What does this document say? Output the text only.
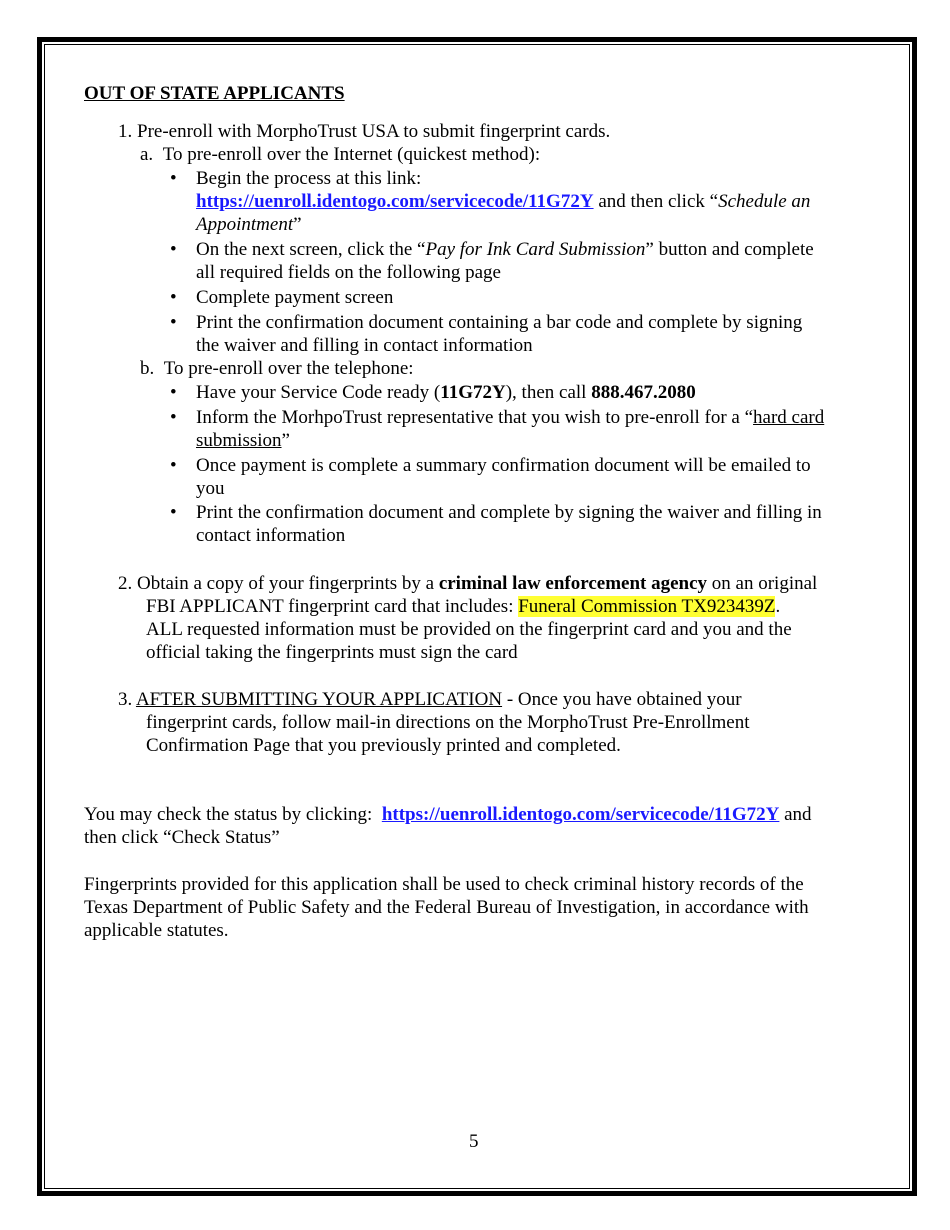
OUT OF STATE APPLICANTS
1. Pre-enroll with MorphoTrust USA to submit fingerprint cards.
a. To pre-enroll over the Internet (quickest method):
• Begin the process at this link:
https://uenroll.identogo.com/servicecode/11G72Y and then click “Schedule an
Appointment”
• On the next screen, click the “Pay for Ink Card Submission” button and complete
all required fields on the following page
• Complete payment screen
• Print the confirmation document containing a bar code and complete by signing
the waiver and filling in contact information
b. To pre-enroll over the telephone:
• Have your Service Code ready (11G72Y), then call 888.467.2080
• Inform the MorhpoTrust representative that you wish to pre-enroll for a “hard card
submission”
• Once payment is complete a summary confirmation document will be emailed to
you
• Print the confirmation document and complete by signing the waiver and filling in
contact information
2. Obtain a copy of your fingerprints by a criminal law enforcement agency on an original
FBI APPLICANT fingerprint card that includes: Funeral Commission TX923439Z.
ALL requested information must be provided on the fingerprint card and you and the
official taking the fingerprints must sign the card
3. AFTER SUBMITTING YOUR APPLICATION - Once you have obtained your
fingerprint cards, follow mail-in directions on the MorphoTrust Pre-Enrollment
Confirmation Page that you previously printed and completed.
You may check the status by clicking:  https://uenroll.identogo.com/servicecode/11G72Y and
then click “Check Status”
Fingerprints provided for this application shall be used to check criminal history records of the
Texas Department of Public Safety and the Federal Bureau of Investigation, in accordance with
applicable statutes.
5
